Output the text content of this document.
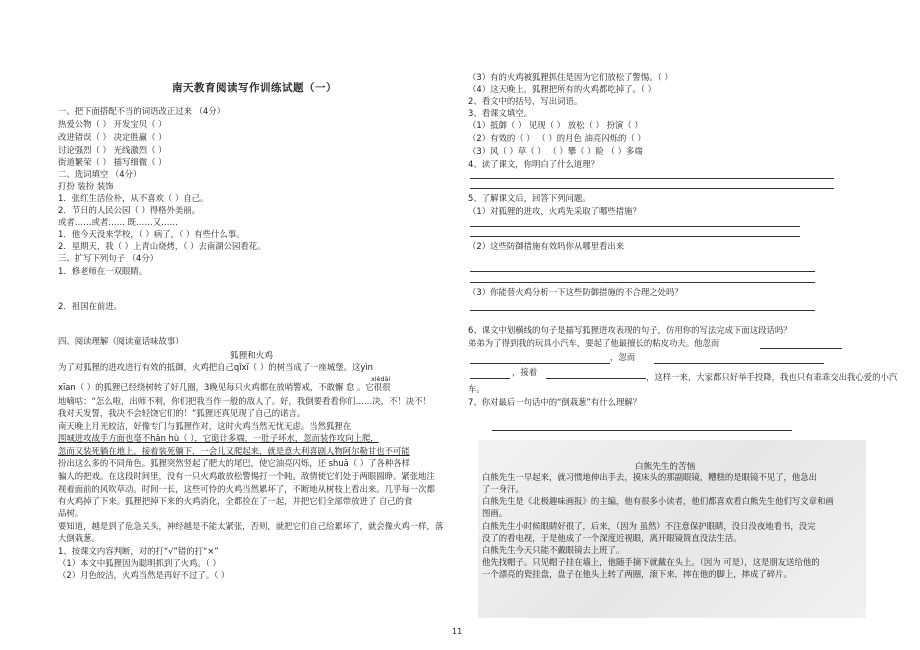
南天教育阅读写作训练试题（一）
一、把下面搭配不当的词语改正过来 （4分）
热爱公物（ ） 开发宝贝（ ）
改进错误（ ） 决定胜赢（ ）
讨论强烈（ ） 光线激烈（ ）
街道繁荣（ ） 描写细微（ ）
二、选词填空 （4分）
打扮 装扮 装饰
1．张红生活俭朴，从不喜欢（ ）自己。
2．节日的人民公园（ ）得格外美丽。
或者……或者…… 既……又……
1．他今天没来学校，（ ）病了，（ ）有些什么事。
2．星期天，我（ ）上青山烧烤，（ ）去南湖公园看花。
三、扩写下列句子 （4分）
1．修老师在一双眼睛。
2．祖国在前进。
四、阅读理解（阅读童话味故事）
狐狸和火鸡
为了对狐狸的进攻进行有效的抵御，火鸡把自己qǐxī（ ）的树当成了一座城堡。这yìn
xièdài
xīan（ ）的狐狸已经绕树转了好几圈，3晚见每只火鸡都在放哨警戒，不敢懈 怠 。它很很
地嘀咕：“怎么啦，出师不利，你们把我当作一般的敌人了。好，我倒要看看你们……决，不！决不！
我对天发誓，我决不会轻饶它们的！”狐狸还真见现了自己的诺言。
南天晚上月光皎洁，好像专门与狐狸作对，这时火鸡当然无忧无虑。当然狐狸在
围城进攻战手方面也毫不hǎn hù（ ），它诡计多端，一肚子坏水，忽而装作攻向上爬，
忽而又装死躺在地上，接着装死躺下，一会儿又爬起来，就是意大利喜剧人物阿尔勒甘也不可能
扮出这么多的不同角色。狐狸突然竖起了肥大的尾巴，使它油亮闪烁，还 shuǎ（ ）了各种各样
骗人的把戏。在这段时间里，没有一只火鸡敢放松警惕打一个盹。敌情使它们处于两眼圆睁。紧张地注
视着面前的风吹草动。时间一长，这些可怜的火鸡当然累坏了，不断地从树枝上看出来。几乎每一次都
有火鸡掉了下来。狐狸把掉下来的火鸡消化，全都捡在了一起，并把它们全部带放进了 自己的食
品树。
要知道，越是到了危急关头，神经越是不能太紧张，否则，就把它们自己给累坏了，就会像火鸡一样，落
大倒栽葱。
1、按课文内容判断，对的打“√”错的打“×”
（1）本文中狐狸因为聪明抓到了火鸡。（ ）
（2）月色皎洁，火鸡当然是再好不过了。（ ）
（3）有的火鸡被狐狸抓住是因为它们放松了警惕。（ ）
（4）这天晚上，狐狸把所有的火鸡都吃掉了。（ ）
2、看文中的括号，写出词语。
3、看课文填空。
（1）抵御（ ） 见现（ ） 放松（ ） 扮演（ ）
（2）有效的（ ） （ ）的月色 油亮闪烁的（ ）
（3）风（ ）草（ ） （ ）攀（ ）睑 （ ）多端
4、读了课文，你明白了什么道理？
5、了解课文后，回答下列问题。
（1）对狐狸的进攻，火鸡先采取了哪些措施？
（2）这些防御措施有效吗你从哪里看出来
（3）你能替火鸡分析一下这些防御措施的不合理之处吗？
6、课文中划横线的句子是描写狐狸进攻表现的句子，仿用你的写法完成下面这段话吗？
弟弟为了得到我的玩具小汽车，要起了他最擅长的粘皮功夫。他忽而
，忽而
，接着	，这样一来，大家都只好举手投降，我也只有乖乖交出我心爱的小汽
车。
7、你对最后一句话中的“倒栽葱”有什么理解？
白熊先生的苦恼
白熊先生一早起来，就习惯地伸出手去，摸床头的那副眼镜，糟糕的是眼镜不见了，他急出
了一身汗。
白熊先生是《北极趣味画报》的主编，他有很多小读者，他们都喜欢看白熊先生他们写文章和画
图画。
白熊先生小时候眼睛好很了，后来，（因为 虽然）不注意保护眼睛，没日没夜地看书，没完
没了的看电视，于是他成了一个深度近视眼，离开眼镜简直没法生活。
白熊先生今天只能不戴眼镜去上班了。
他先找帽子。只见帽子挂在墙上，他随手摘下就戴在头上。（因为 可是），这是朋友送给他的
一个漂亮的瓷挂盘，盘子在他头上转了两圈，滚下来，摔在他的脚上，摔成了碎片。
11
